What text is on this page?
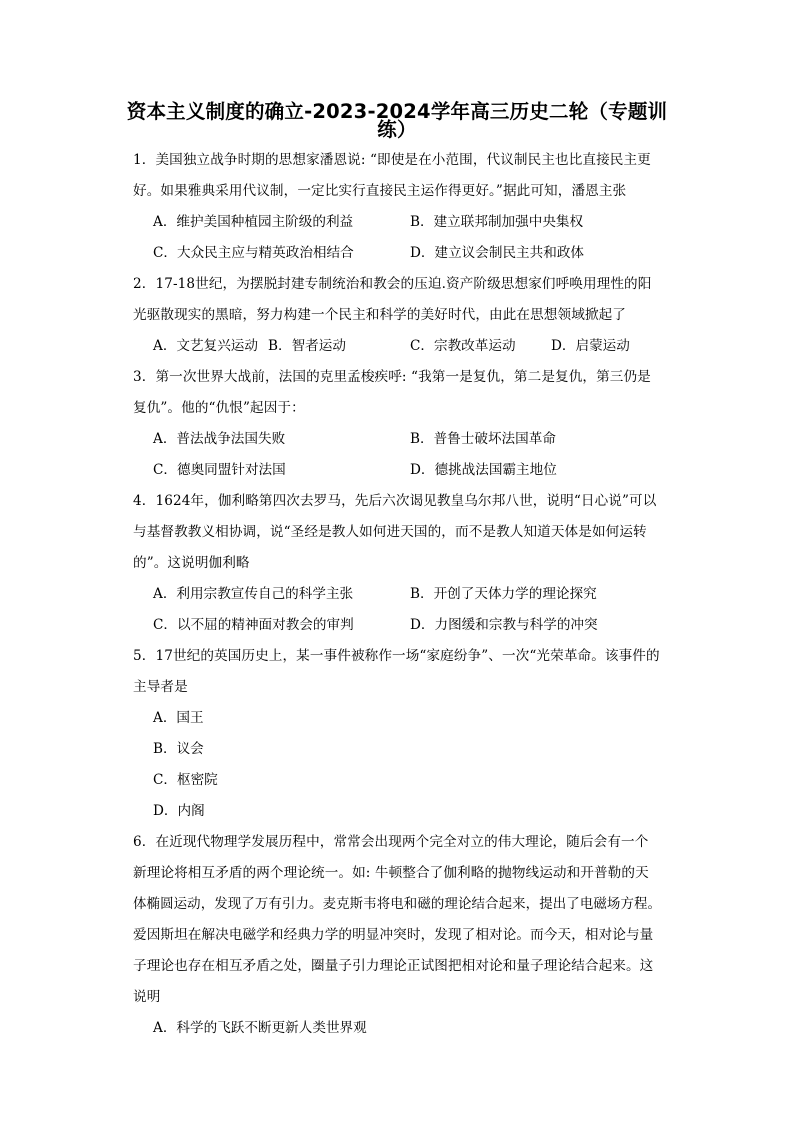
资本主义制度的确立-2023-2024学年高三历史二轮（专题训
练）
1．美国独立战争时期的思想家潘恩说: “即使是在小范围，代议制民主也比直接民主更
好。如果雅典采用代议制，一定比实行直接民主运作得更好。”据此可知，潘恩主张
A．维护美国种植园主阶级的利益	B．建立联邦制加强中央集权
C．大众民主应与精英政治相结合	D．建立议会制民主共和政体
2．17-18世纪，为摆脱封建专制统治和教会的压迫.资产阶级思想家们呼唤用理性的阳
光驱散现实的黑暗，努力构建一个民主和科学的美好时代，由此在思想领域掀起了
A．文艺复兴运动 B．智者运动	C．宗教改革运动	D．启蒙运动
3．第一次世界大战前，法国的克里孟梭疾呼: “我第一是复仇，第二是复仇，第三仍是
复仇”。他的“仇恨”起因于：
A．普法战争法国失败	B．普鲁士破坏法国革命
C．德奥同盟针对法国	D．德挑战法国霸主地位
4．1624年，伽利略第四次去罗马，先后六次谒见教皇乌尔邦八世，说明“日心说”可以
与基督教教义相协调，说“圣经是教人如何进天国的，而不是教人知道天体是如何运转
的”。这说明伽利略
A．利用宗教宣传自己的科学主张	B．开创了天体力学的理论探究
C．以不屈的精神面对教会的审判	D．力图缓和宗教与科学的冲突
5．17世纪的英国历史上，某一事件被称作一场“家庭纷争”、一次“光荣革命。该事件的
主导者是
A．国王
B．议会
C．枢密院
D．内阁
6．在近现代物理学发展历程中，常常会出现两个完全对立的伟大理论，随后会有一个
新理论将相互矛盾的两个理论统一。如: 牛顿整合了伽利略的抛物线运动和开普勒的天
体椭圆运动，发现了万有引力。麦克斯韦将电和磁的理论结合起来，提出了电磁场方程。
爱因斯坦在解决电磁学和经典力学的明显冲突时，发现了相对论。而今天，相对论与量
子理论也存在相互矛盾之处，圈量子引力理论正试图把相对论和量子理论结合起来。这
说明
A．科学的飞跃不断更新人类世界观
